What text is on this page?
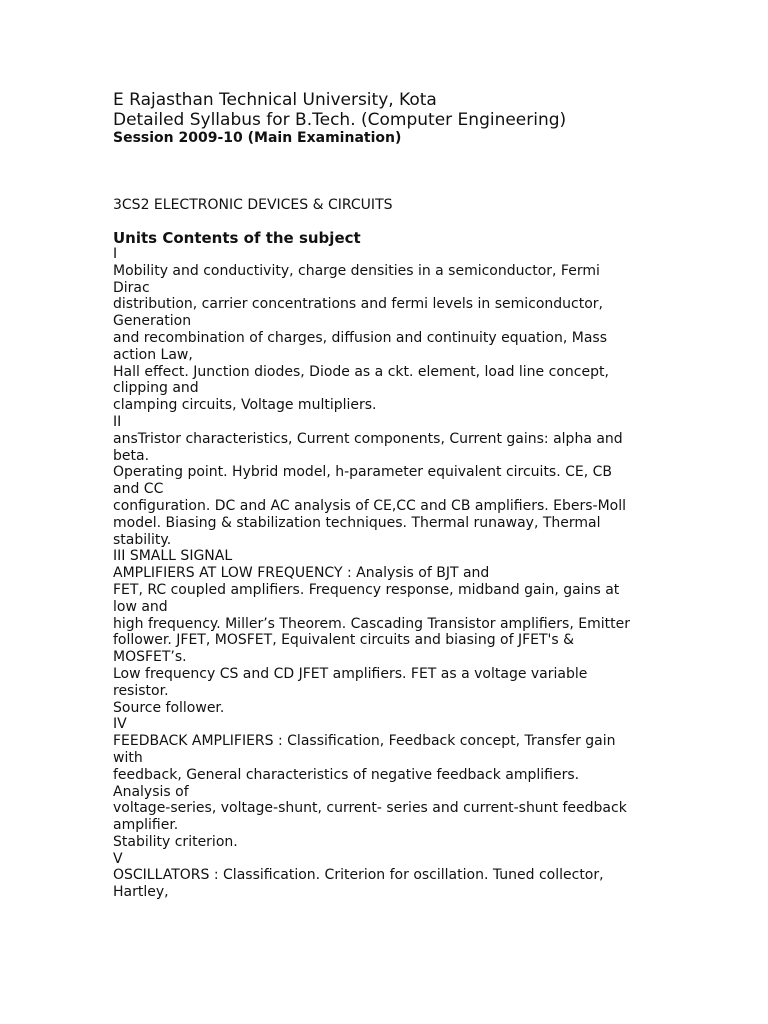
E Rajasthan Technical University, Kota
Detailed Syllabus for B.Tech. (Computer Engineering)
Session 2009-10 (Main Examination)
3CS2 ELECTRONIC DEVICES & CIRCUITS
Units Contents of the subject
I
Mobility and conductivity, charge densities in a semiconductor, Fermi
Dirac
distribution, carrier concentrations and fermi levels in semiconductor,
Generation
and recombination of charges, diffusion and continuity equation, Mass
action Law,
Hall effect. Junction diodes, Diode as a ckt. element, load line concept,
clipping and
clamping circuits, Voltage multipliers.
II
ansTristor characteristics, Current components, Current gains: alpha and
beta.
Operating point. Hybrid model, h-parameter equivalent circuits. CE, CB
and CC
configuration. DC and AC analysis of CE,CC and CB amplifiers. Ebers-Moll
model. Biasing & stabilization techniques. Thermal runaway, Thermal
stability.
III SMALL SIGNAL
AMPLIFIERS AT LOW FREQUENCY : Analysis of BJT and
FET, RC coupled amplifiers. Frequency response, midband gain, gains at
low and
high frequency. Miller’s Theorem. Cascading Transistor amplifiers, Emitter
follower. JFET, MOSFET, Equivalent circuits and biasing of JFET's &
MOSFET’s.
Low frequency CS and CD JFET amplifiers. FET as a voltage variable
resistor.
Source follower.
IV
FEEDBACK AMPLIFIERS : Classification, Feedback concept, Transfer gain
with
feedback, General characteristics of negative feedback amplifiers.
Analysis of
voltage-series, voltage-shunt, current- series and current-shunt feedback
amplifier.
Stability criterion.
V
OSCILLATORS : Classification. Criterion for oscillation. Tuned collector,
Hartley,
